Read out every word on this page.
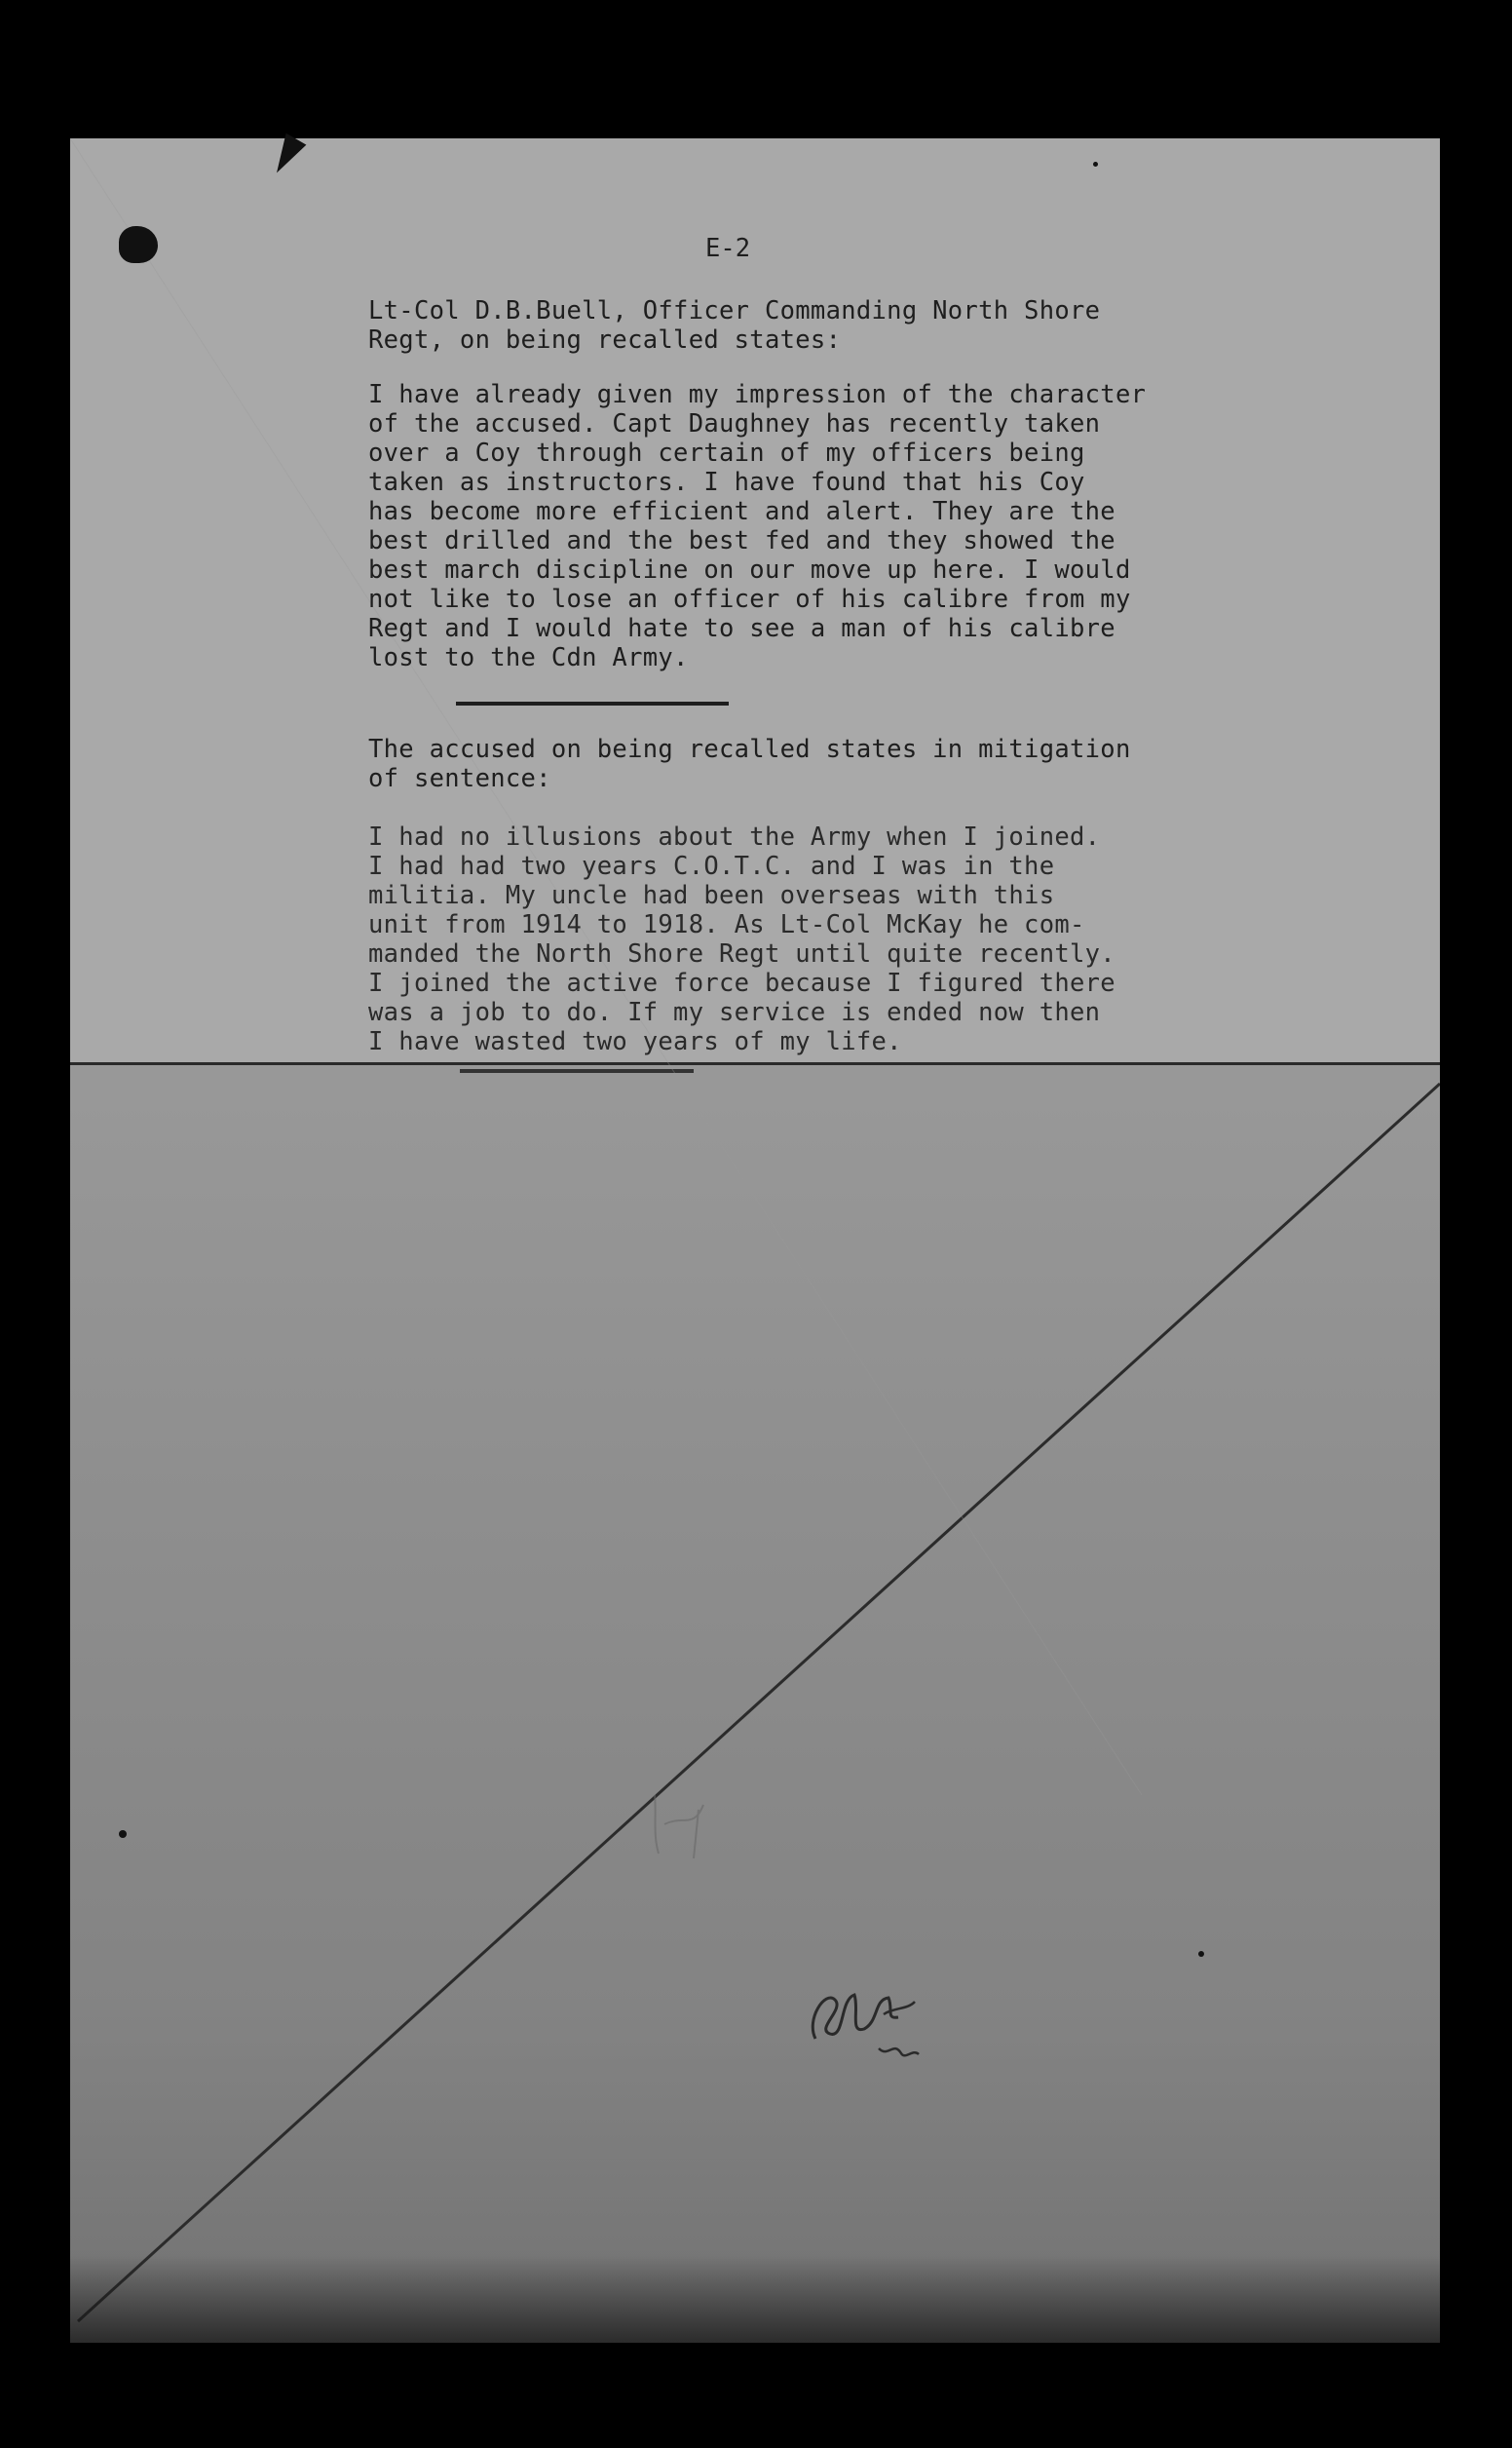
E-2

Lt-Col D.B.Buell, Officer Commanding North Shore
Regt, on being recalled states:

I have already given my impression of the character
of the accused. Capt Daughney has recently taken
over a Coy through certain of my officers being
taken as instructors. I have found that his Coy
has become more efficient and alert. They are the
best drilled and the best fed and they showed the
best march discipline on our move up here. I would
not like to lose an officer of his calibre from my
Regt and I would hate to see a man of his calibre
lost to the Cdn Army.

The accused on being recalled states in mitigation
of sentence:

I had no illusions about the Army when I joined.
I had had two years C.O.T.C. and I was in the
militia. My uncle had been overseas with this
unit from 1914 to 1918. As Lt-Col McKay he com-
manded the North Shore Regt until quite recently.
I joined the active force because I figured there
was a job to do. If my service is ended now then
I have wasted two years of my life.
